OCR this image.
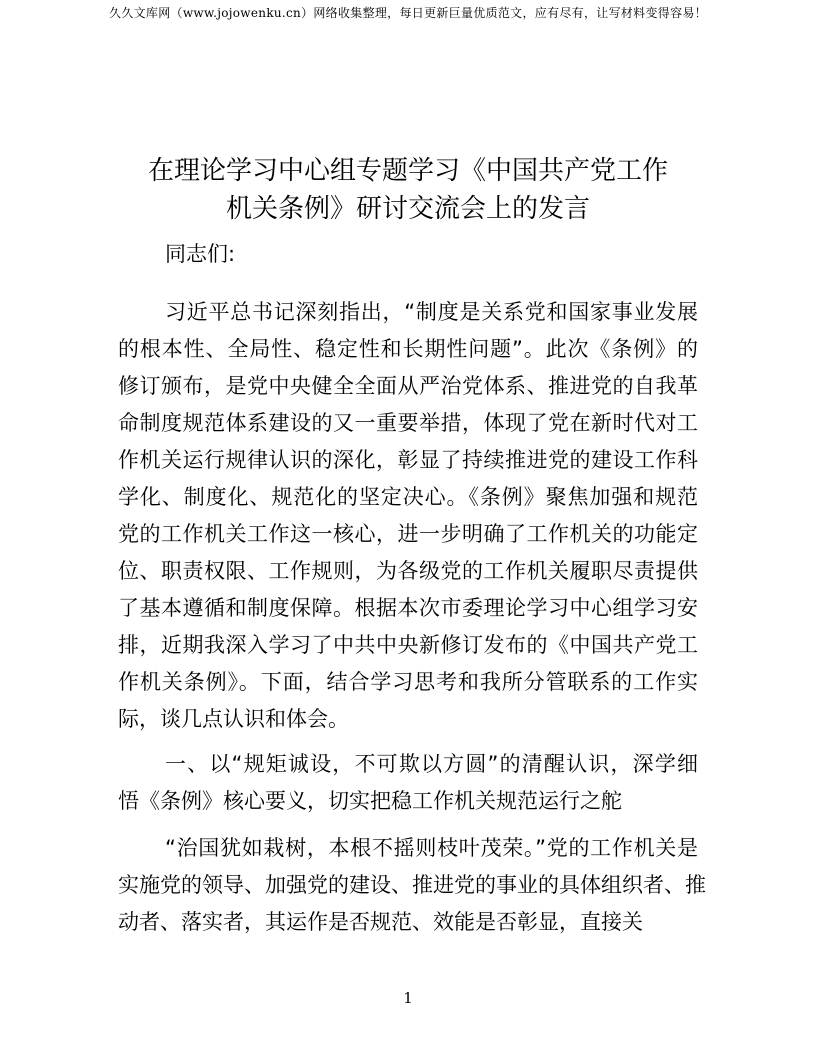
久久文库网（www.jojowenku.cn）网络收集整理，每日更新巨量优质范文，应有尽有，让写材料变得容易！
在理论学习中心组专题学习《中国共产党工作
机关条例》研讨交流会上的发言
同志们:
习近平总书记深刻指出，“制度是关系党和国家事业发展
的根本性、全局性、稳定性和长期性问题”。此次《条例》的
修订颁布，是党中央健全全面从严治党体系、推进党的自我革
命制度规范体系建设的又一重要举措，体现了党在新时代对工
作机关运行规律认识的深化，彰显了持续推进党的建设工作科
学化、制度化、规范化的坚定决心。《条例》聚焦加强和规范
党的工作机关工作这一核心，进一步明确了工作机关的功能定
位、职责权限、工作规则，为各级党的工作机关履职尽责提供
了基本遵循和制度保障。根据本次市委理论学习中心组学习安
排，近期我深入学习了中共中央新修订发布的《中国共产党工
作机关条例》。下面，结合学习思考和我所分管联系的工作实
际，谈几点认识和体会。
一、以“规矩诚设，不可欺以方圆”的清醒认识，深学细
悟《条例》核心要义，切实把稳工作机关规范运行之舵
“治国犹如栽树，本根不摇则枝叶茂荣。”党的工作机关是
实施党的领导、加强党的建设、推进党的事业的具体组织者、推
动者、落实者，其运作是否规范、效能是否彰显，直接关
1
